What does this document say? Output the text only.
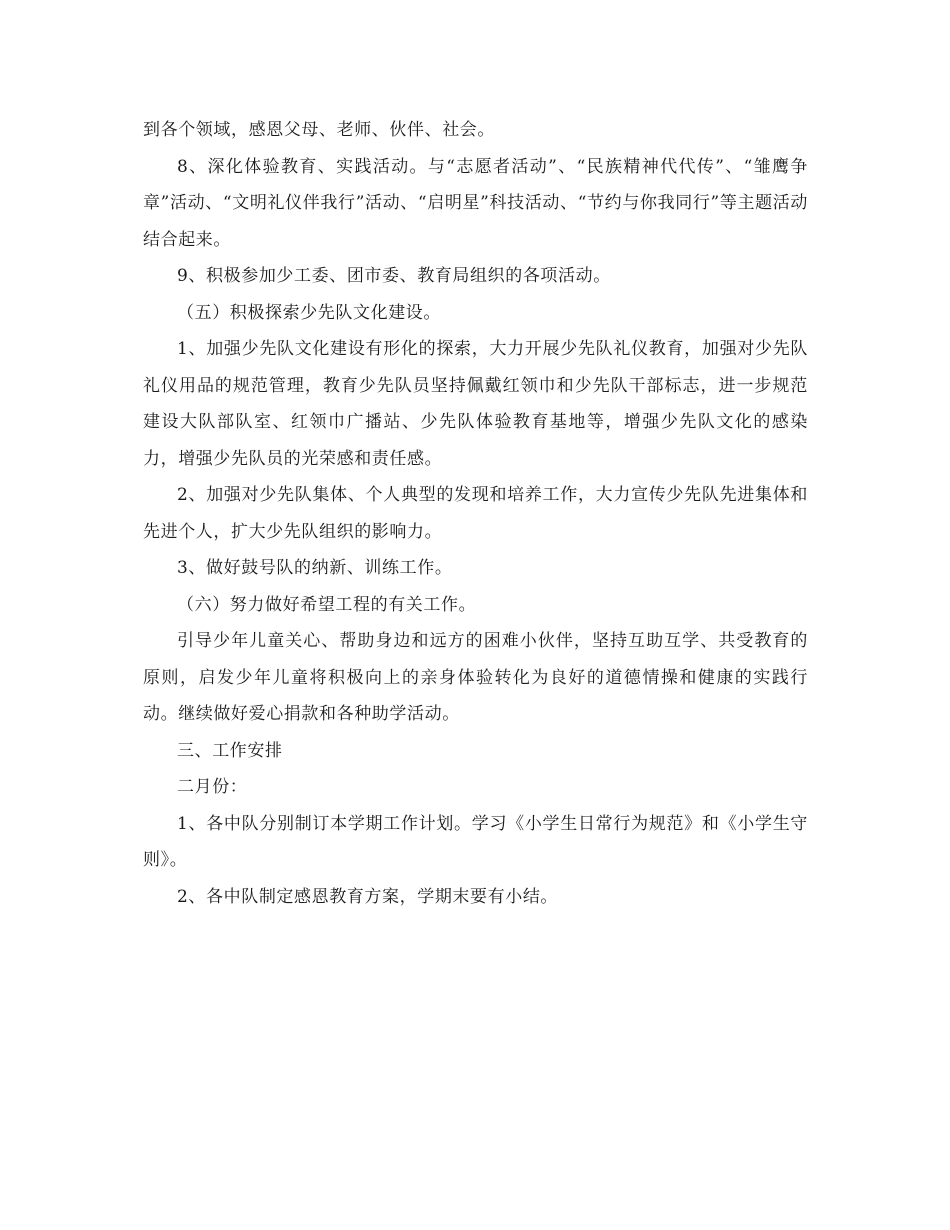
到各个领域，感恩父母、老师、伙伴、社会。

8、深化体验教育、实践活动。与“志愿者活动”、“民族精神代代传”、“雏鹰争章”活动、“文明礼仪伴我行”活动、“启明星”科技活动、“节约与你我同行”等主题活动结合起来。

9、积极参加少工委、团市委、教育局组织的各项活动。

（五）积极探索少先队文化建设。

1、加强少先队文化建设有形化的探索，大力开展少先队礼仪教育，加强对少先队礼仪用品的规范管理，教育少先队员坚持佩戴红领巾和少先队干部标志，进一步规范建设大队部队室、红领巾广播站、少先队体验教育基地等，增强少先队文化的感染力，增强少先队员的光荣感和责任感。

2、加强对少先队集体、个人典型的发现和培养工作，大力宣传少先队先进集体和先进个人，扩大少先队组织的影响力。

3、做好鼓号队的纳新、训练工作。

（六）努力做好希望工程的有关工作。

引导少年儿童关心、帮助身边和远方的困难小伙伴，坚持互助互学、共受教育的原则，启发少年儿童将积极向上的亲身体验转化为良好的道德情操和健康的实践行动。继续做好爱心捐款和各种助学活动。

三、工作安排

二月份：

1、各中队分别制订本学期工作计划。学习《小学生日常行为规范》和《小学生守则》。

2、各中队制定感恩教育方案，学期末要有小结。
